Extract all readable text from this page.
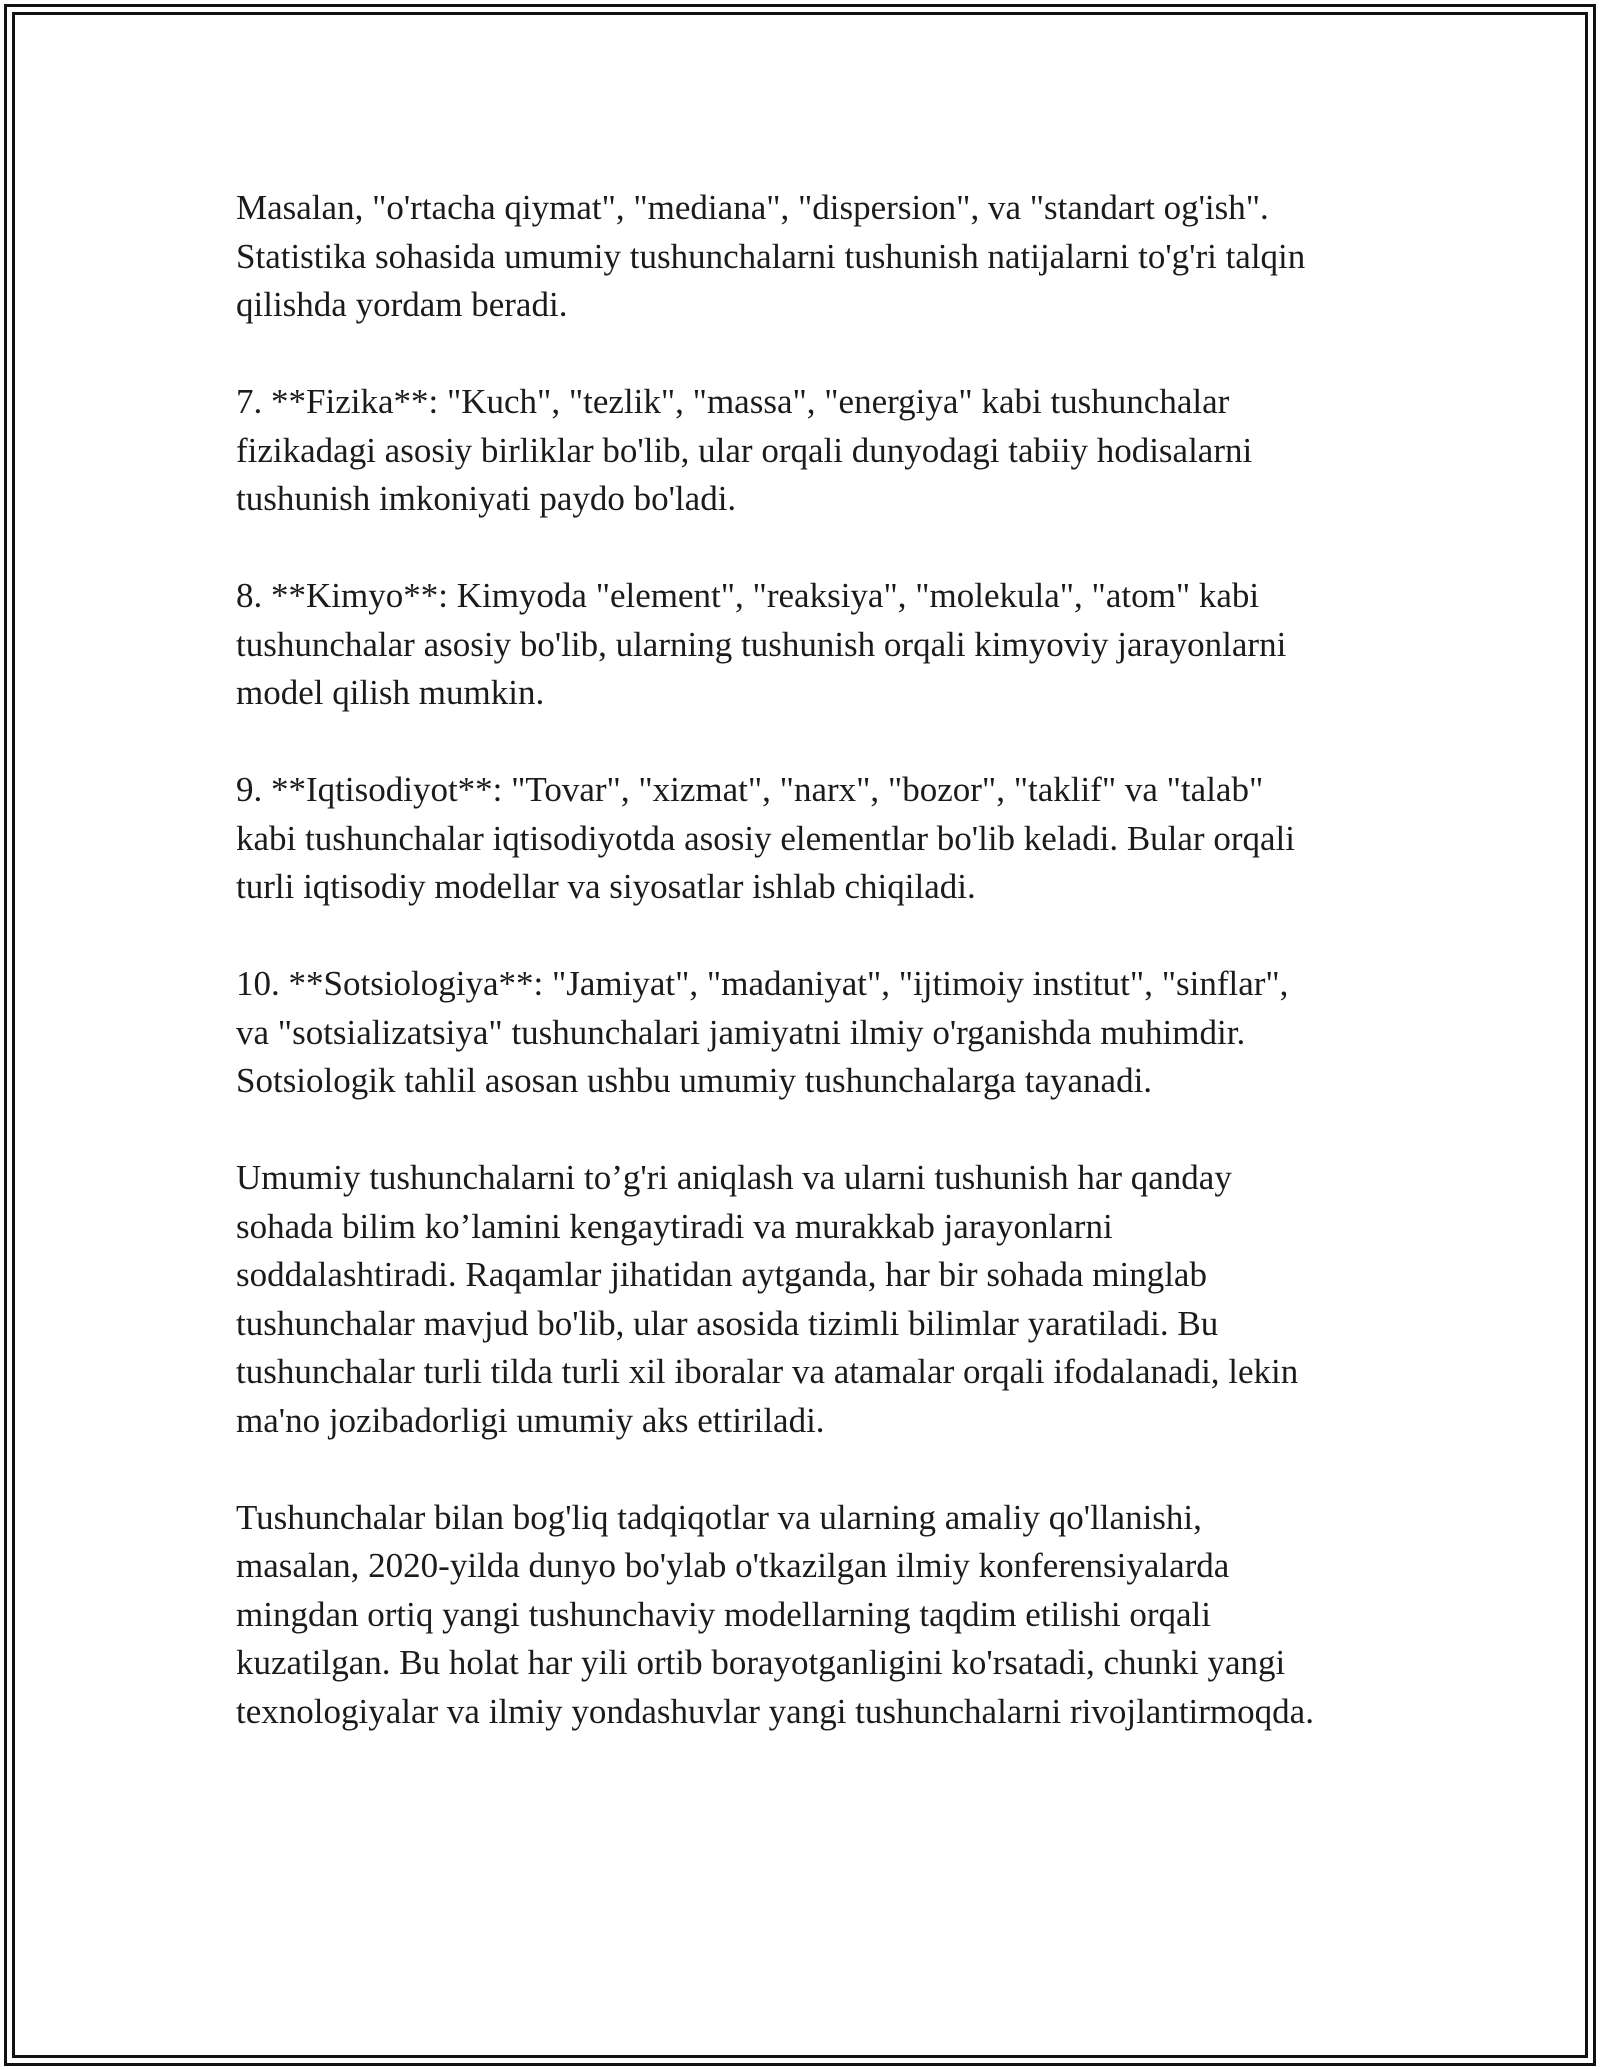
Masalan, "o'rtacha qiymat", "mediana", "dispersion", va "standart og'ish".
Statistika sohasida umumiy tushunchalarni tushunish natijalarni to'g'ri talqin
qilishda yordam beradi.

7. **Fizika**: "Kuch", "tezlik", "massa", "energiya" kabi tushunchalar
fizikadagi asosiy birliklar bo'lib, ular orqali dunyodagi tabiiy hodisalarni
tushunish imkoniyati paydo bo'ladi.

8. **Kimyo**: Kimyoda "element", "reaksiya", "molekula", "atom" kabi
tushunchalar asosiy bo'lib, ularning tushunish orqali kimyoviy jarayonlarni
model qilish mumkin.

9. **Iqtisodiyot**: "Tovar", "xizmat", "narx", "bozor", "taklif" va "talab"
kabi tushunchalar iqtisodiyotda asosiy elementlar bo'lib keladi. Bular orqali
turli iqtisodiy modellar va siyosatlar ishlab chiqiladi.

10. **Sotsiologiya**: "Jamiyat", "madaniyat", "ijtimoiy institut", "sinflar",
va "sotsializatsiya" tushunchalari jamiyatni ilmiy o'rganishda muhimdir.
Sotsiologik tahlil asosan ushbu umumiy tushunchalarga tayanadi.

Umumiy tushunchalarni to’g'ri aniqlash va ularni tushunish har qanday
sohada bilim ko’lamini kengaytiradi va murakkab jarayonlarni
soddalashtiradi. Raqamlar jihatidan aytganda, har bir sohada minglab
tushunchalar mavjud bo'lib, ular asosida tizimli bilimlar yaratiladi. Bu
tushunchalar turli tilda turli xil iboralar va atamalar orqali ifodalanadi, lekin
ma'no jozibadorligi umumiy aks ettiriladi.

Tushunchalar bilan bog'liq tadqiqotlar va ularning amaliy qo'llanishi,
masalan, 2020-yilda dunyo bo'ylab o'tkazilgan ilmiy konferensiyalarda
mingdan ortiq yangi tushunchaviy modellarning taqdim etilishi orqali
kuzatilgan. Bu holat har yili ortib borayotganligini ko'rsatadi, chunki yangi
texnologiyalar va ilmiy yondashuvlar yangi tushunchalarni rivojlantirmoqda.
